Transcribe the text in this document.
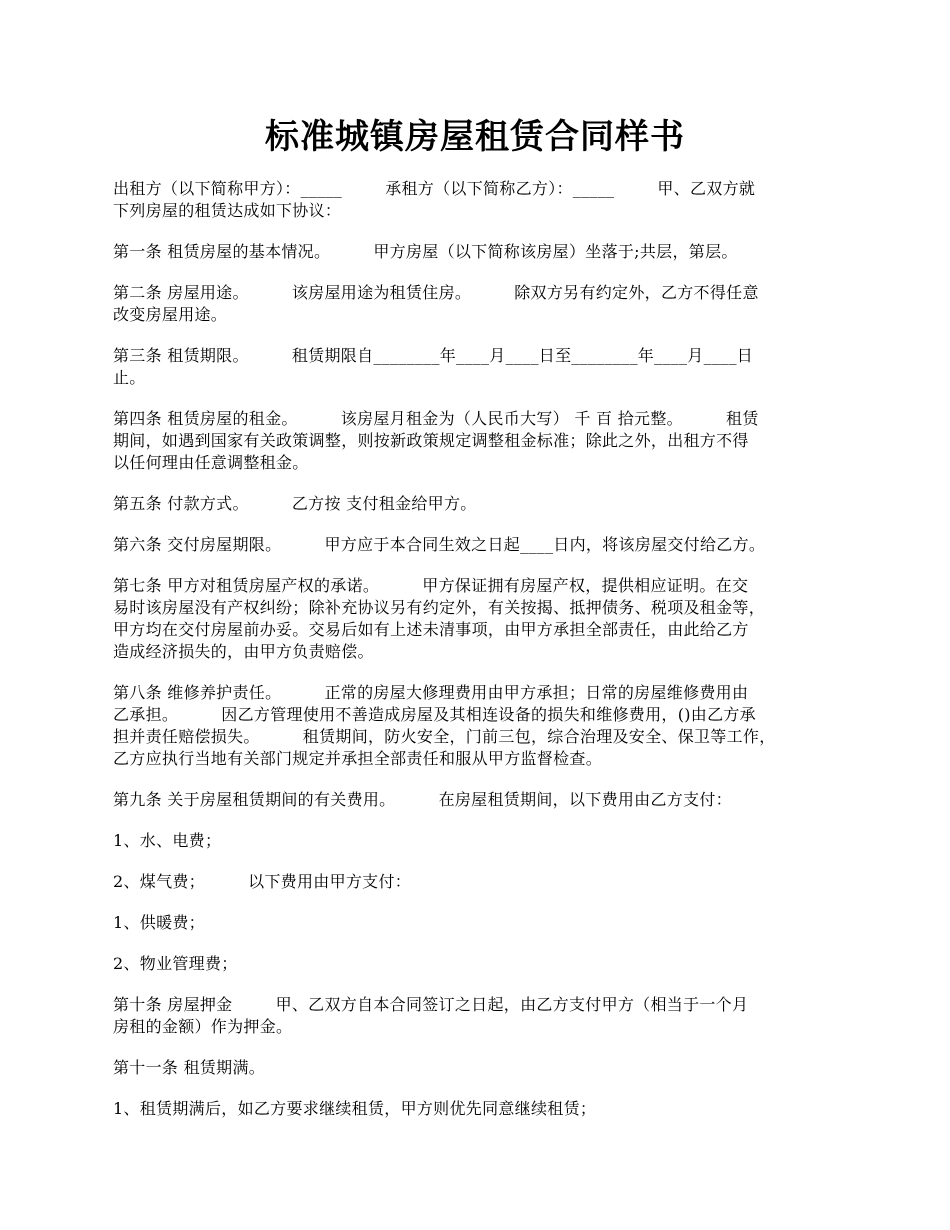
标准城镇房屋租赁合同样书

出租方（以下简称甲方）：_____        承租方（以下简称乙方）：_____        甲、乙双方就
下列房屋的租赁达成如下协议：

第一条 租赁房屋的基本情况。        甲方房屋（以下简称该房屋）坐落于;共层，第层。

第二条 房屋用途。        该房屋用途为租赁住房。        除双方另有约定外，乙方不得任意
改变房屋用途。

第三条 租赁期限。        租赁期限自________年____月____日至________年____月____日
止。

第四条 租赁房屋的租金。        该房屋月租金为（人民币大写） 千 百 拾元整。        租赁
期间，如遇到国家有关政策调整，则按新政策规定调整租金标准；除此之外，出租方不得
以任何理由任意调整租金。

第五条 付款方式。        乙方按 支付租金给甲方。

第六条 交付房屋期限。        甲方应于本合同生效之日起____日内，将该房屋交付给乙方。

第七条 甲方对租赁房屋产权的承诺。        甲方保证拥有房屋产权，提供相应证明。在交
易时该房屋没有产权纠纷；除补充协议另有约定外，有关按揭、抵押债务、税项及租金等，
甲方均在交付房屋前办妥。交易后如有上述未清事项，由甲方承担全部责任，由此给乙方
造成经济损失的，由甲方负责赔偿。

第八条 维修养护责任。        正常的房屋大修理费用由甲方承担；日常的房屋维修费用由
乙承担。        因乙方管理使用不善造成房屋及其相连设备的损失和维修费用，()由乙方承
担并责任赔偿损失。        租赁期间，防火安全，门前三包，综合治理及安全、保卫等工作，
乙方应执行当地有关部门规定并承担全部责任和服从甲方监督检查。

第九条 关于房屋租赁期间的有关费用。        在房屋租赁期间，以下费用由乙方支付：

1、水、电费；

2、煤气费；        以下费用由甲方支付：

1、供暖费；

2、物业管理费；

第十条 房屋押金        甲、乙双方自本合同签订之日起，由乙方支付甲方（相当于一个月
房租的金额）作为押金。

第十一条 租赁期满。

1、租赁期满后，如乙方要求继续租赁，甲方则优先同意继续租赁；
